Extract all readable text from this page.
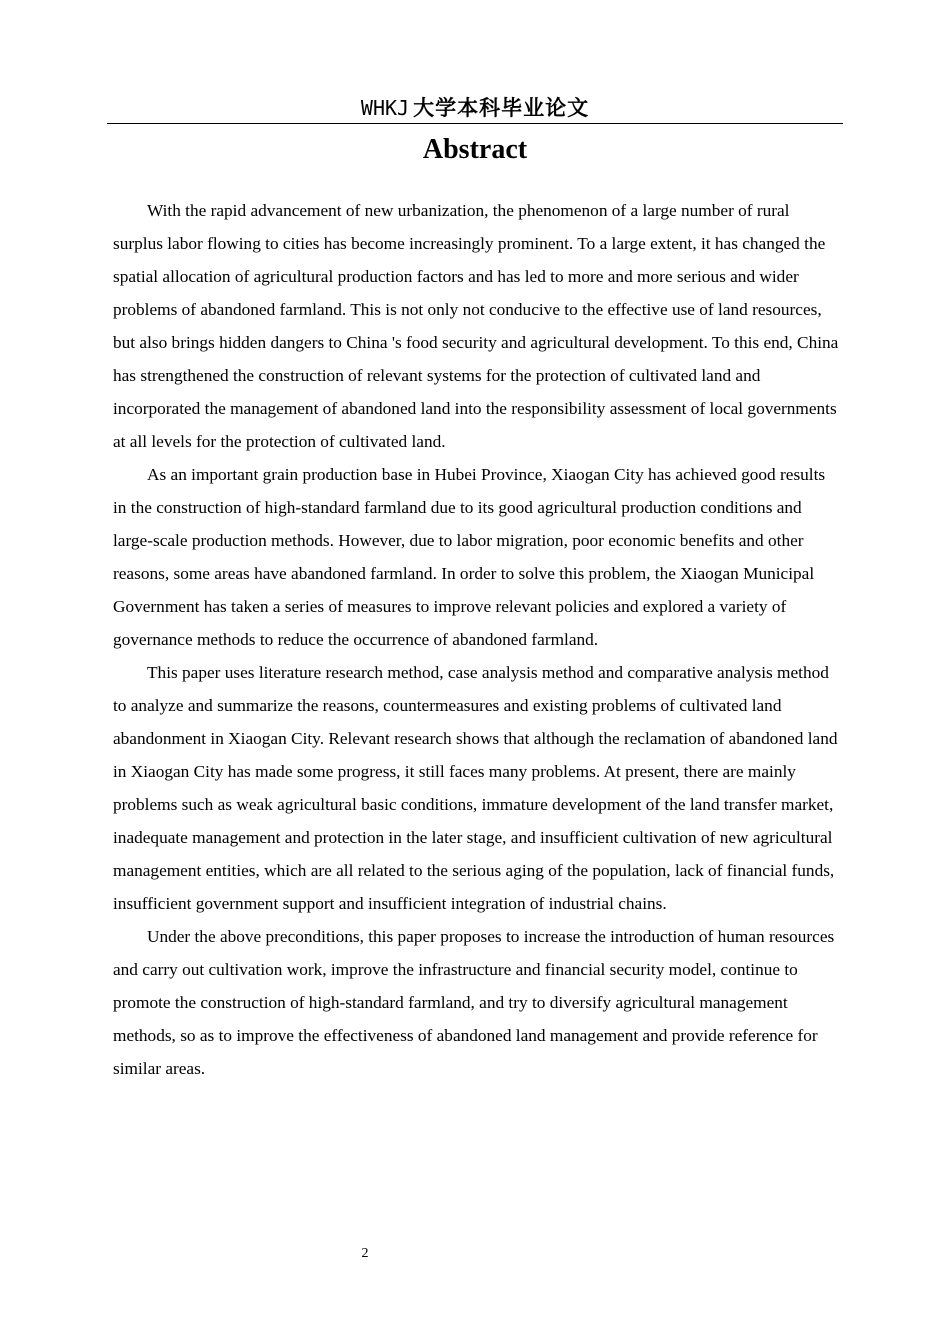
WHKJ 大学本科毕业论文
Abstract

With the rapid advancement of new urbanization, the phenomenon of a large number of rural surplus labor flowing to cities has become increasingly prominent. To a large extent, it has changed the spatial allocation of agricultural production factors and has led to more and more serious and wider problems of abandoned farmland. This is not only not conducive to the effective use of land resources, but also brings hidden dangers to China 's food security and agricultural development. To this end, China has strengthened the construction of relevant systems for the protection of cultivated land and incorporated the management of abandoned land into the responsibility assessment of local governments at all levels for the protection of cultivated land.

As an important grain production base in Hubei Province, Xiaogan City has achieved good results in the construction of high-standard farmland due to its good agricultural production conditions and large-scale production methods. However, due to labor migration, poor economic benefits and other reasons, some areas have abandoned farmland. In order to solve this problem, the Xiaogan Municipal Government has taken a series of measures to improve relevant policies and explored a variety of governance methods to reduce the occurrence of abandoned farmland.

This paper uses literature research method, case analysis method and comparative analysis method to analyze and summarize the reasons, countermeasures and existing problems of cultivated land abandonment in Xiaogan City. Relevant research shows that although the reclamation of abandoned land in Xiaogan City has made some progress, it still faces many problems. At present, there are mainly problems such as weak agricultural basic conditions, immature development of the land transfer market, inadequate management and protection in the later stage, and insufficient cultivation of new agricultural management entities, which are all related to the serious aging of the population, lack of financial funds, insufficient government support and insufficient integration of industrial chains.

Under the above preconditions, this paper proposes to increase the introduction of human resources and carry out cultivation work, improve the infrastructure and financial security model, continue to promote the construction of high-standard farmland, and try to diversify agricultural management methods, so as to improve the effectiveness of abandoned land management and provide reference for similar areas.

2
